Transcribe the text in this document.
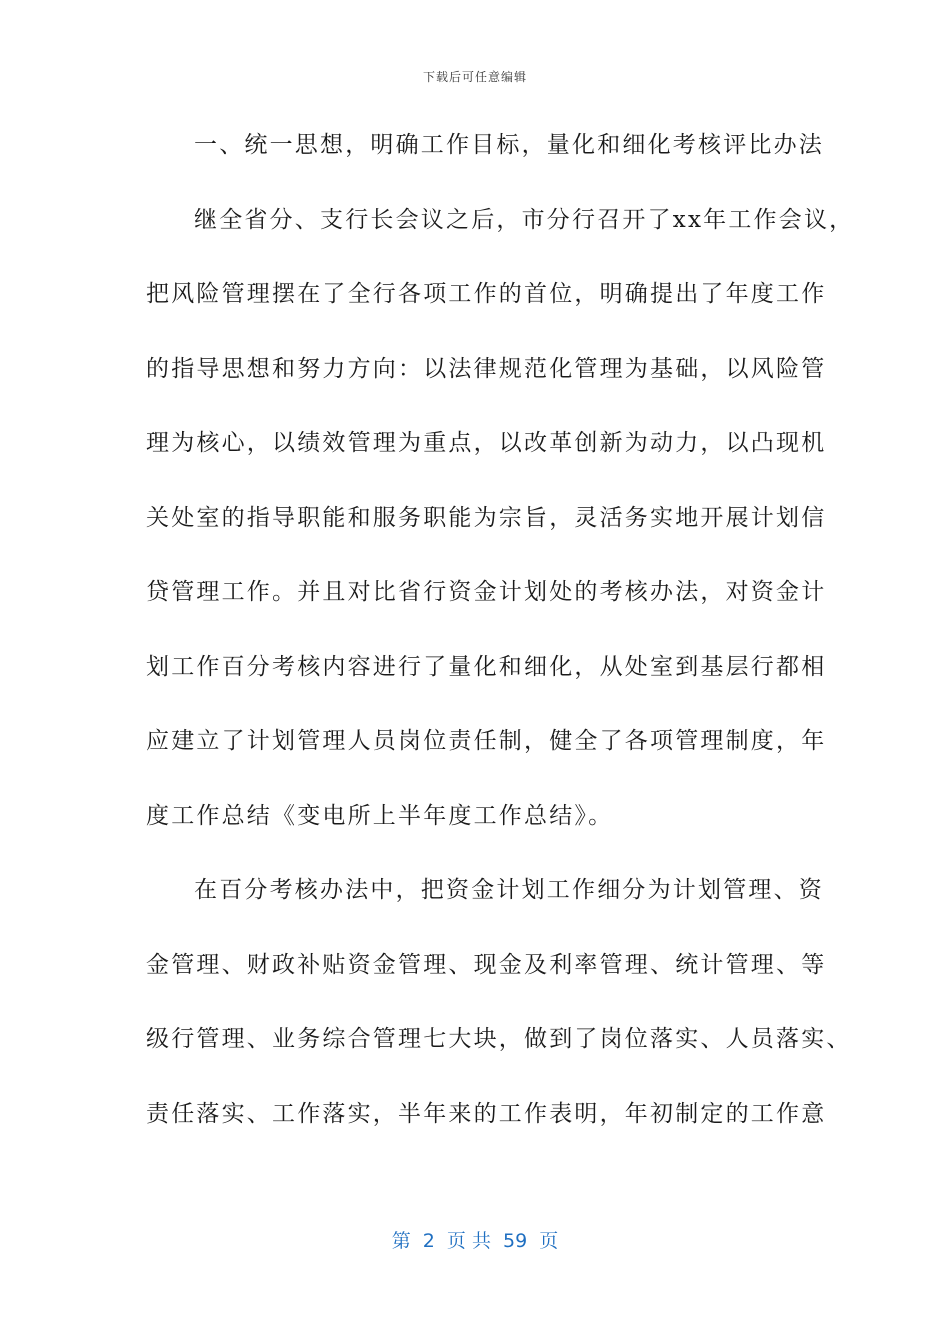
下载后可任意编辑
一、统一思想，明确工作目标，量化和细化考核评比办法
继全省分、支行长会议之后，市分行召开了xx年工作会议，
把风险管理摆在了全行各项工作的首位，明确提出了年度工作
的指导思想和努力方向：以法律规范化管理为基础，以风险管
理为核心，以绩效管理为重点，以改革创新为动力，以凸现机
关处室的指导职能和服务职能为宗旨，灵活务实地开展计划信
贷管理工作。并且对比省行资金计划处的考核办法，对资金计
划工作百分考核内容进行了量化和细化，从处室到基层行都相
应建立了计划管理人员岗位责任制，健全了各项管理制度，年
度工作总结《变电所上半年度工作总结》。
在百分考核办法中，把资金计划工作细分为计划管理、资
金管理、财政补贴资金管理、现金及利率管理、统计管理、等
级行管理、业务综合管理七大块，做到了岗位落实、人员落实、
责任落实、工作落实，半年来的工作表明，年初制定的工作意
第  2  页 共  59  页
